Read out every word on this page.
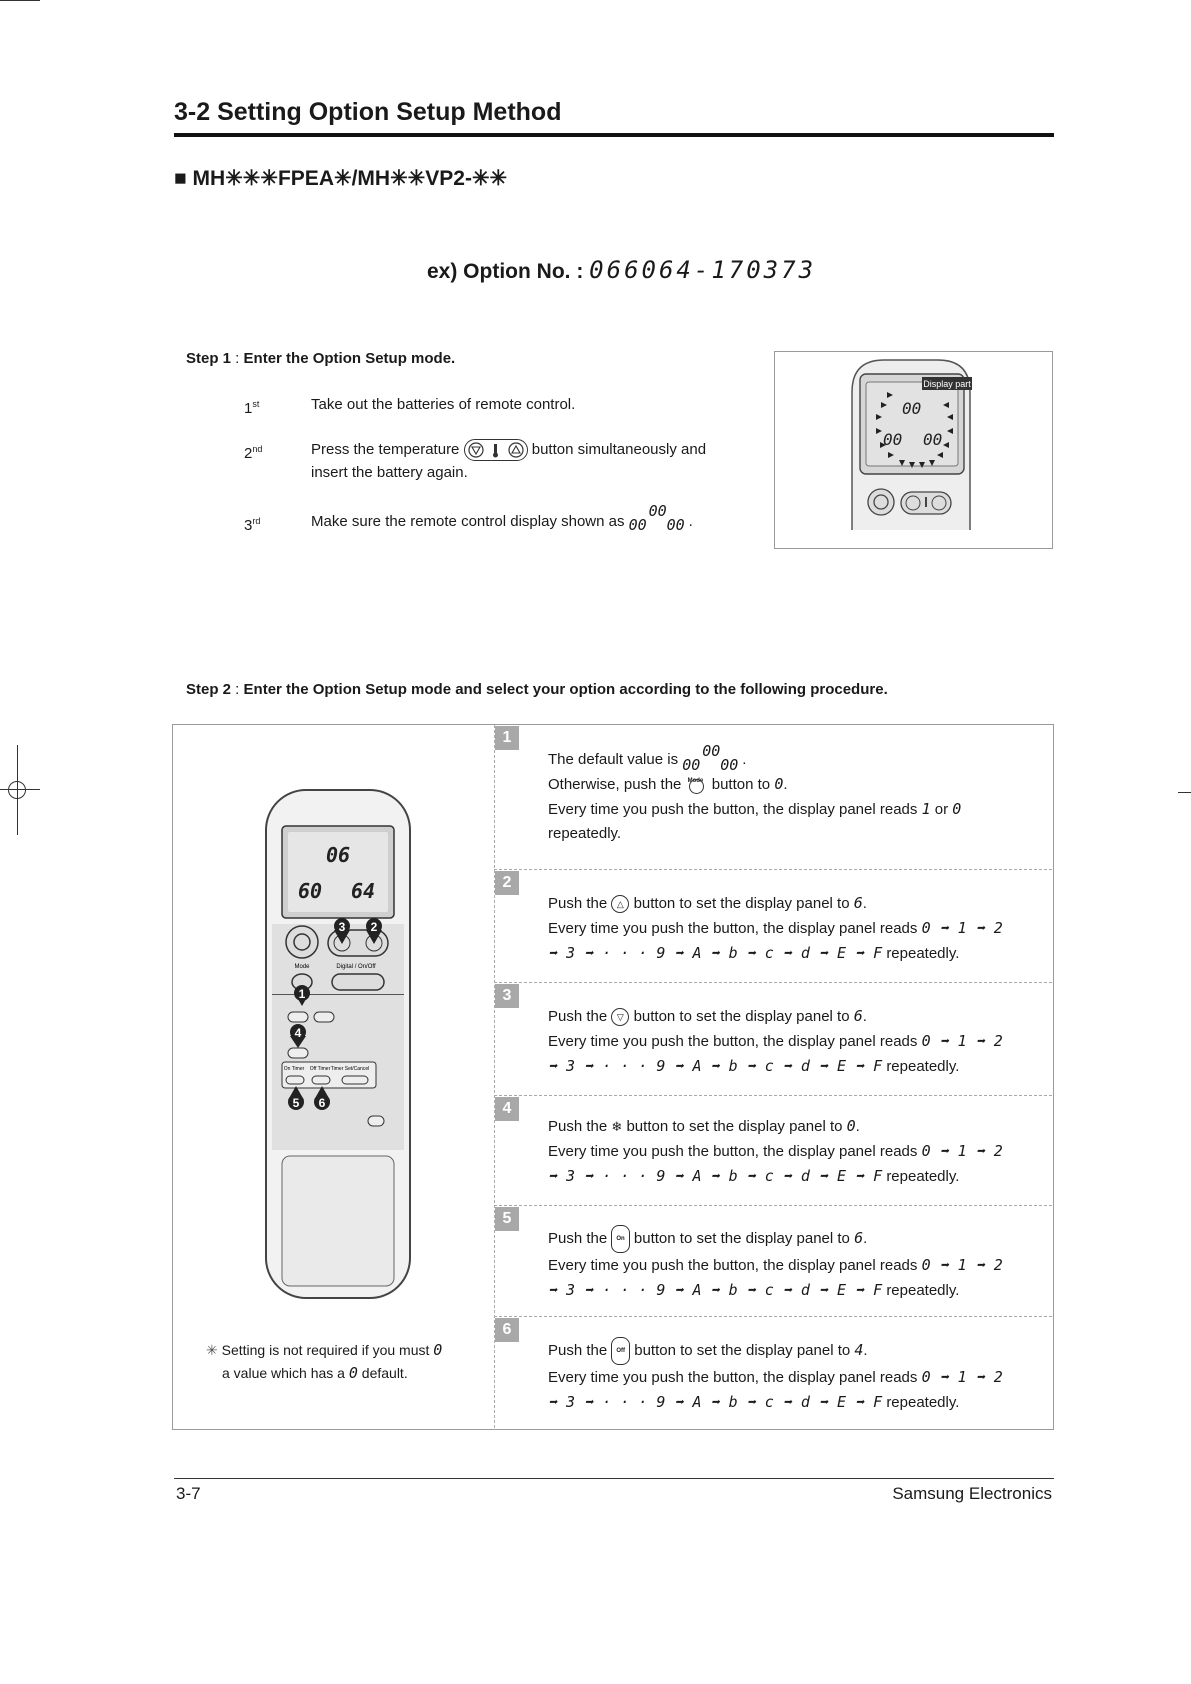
3-2 Setting Option Setup Method
■ MH✳✳✳FPEA✳/MH✳✳VP2-✳✳
ex) Option No. : 066064-170373
Step 1 : Enter the Option Setup mode.
1st	Take out the batteries of remote control.
2nd	Press the temperature	button simultaneously and
insert the battery again.
3rd	Make sure the remote control display shown as
00
00 00 .
Display part
00
00 00
Step 2 : Enter the Option Setup mode and select your option according to the following procedure.
06
60 64
Mode	Digital / On/Off
On Timer Off Timer Timer Set/Cancel
1
2
3
4
5 6
✳ Setting is not required if you must 0
a value which has a 0 default.
1
The default value is 00
00 00 .
Otherwise, push the Mode button to 0.
Every time you push the button, the display panel reads 1 or 0
repeatedly.
2
Push the △ button to set the display panel to 6.
Every time you push the button, the display panel reads 0 ➡ 1 ➡ 2
➡ 3 ➡ · · · 9 ➡ A ➡ b ➡ c ➡ d ➡ E ➡ F repeatedly.
3
Push the ▽ button to set the display panel to 6.
Every time you push the button, the display panel reads 0 ➡ 1 ➡ 2
➡ 3 ➡ · · · 9 ➡ A ➡ b ➡ c ➡ d ➡ E ➡ F repeatedly.
4
Push the ❄ button to set the display panel to 0.
Every time you push the button, the display panel reads 0 ➡ 1 ➡ 2
➡ 3 ➡ · · · 9 ➡ A ➡ b ➡ c ➡ d ➡ E ➡ F repeatedly.
5
Push the On button to set the display panel to 6.
Every time you push the button, the display panel reads 0 ➡ 1 ➡ 2
➡ 3 ➡ · · · 9 ➡ A ➡ b ➡ c ➡ d ➡ E ➡ F repeatedly.
6
Push the Off button to set the display panel to 4.
Every time you push the button, the display panel reads 0 ➡ 1 ➡ 2
➡ 3 ➡ · · · 9 ➡ A ➡ b ➡ c ➡ d ➡ E ➡ F repeatedly.
3-7	Samsung Electronics
